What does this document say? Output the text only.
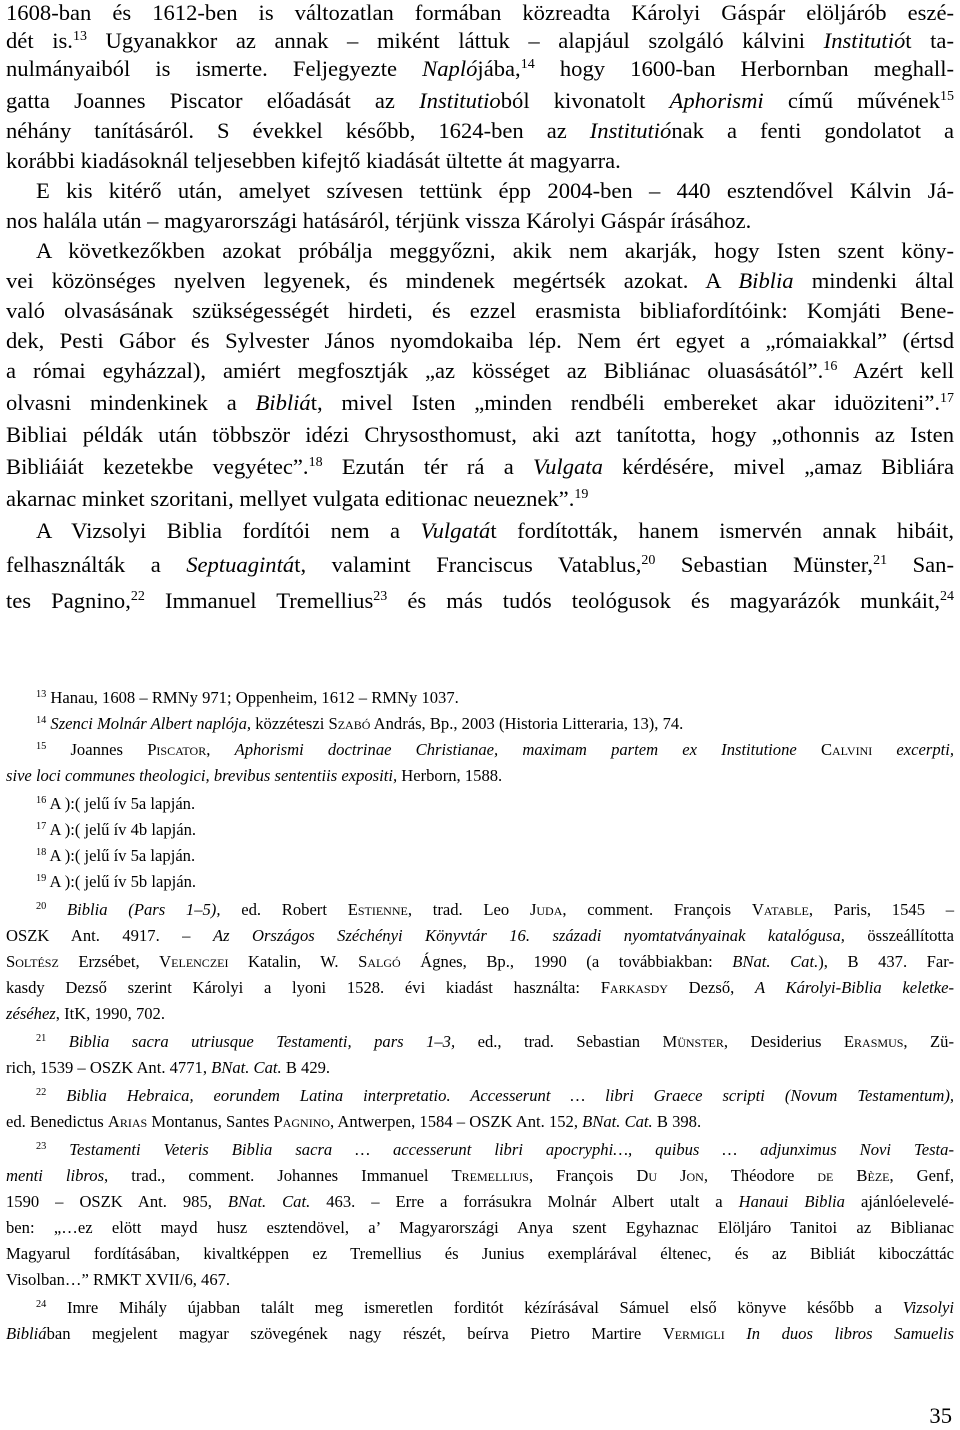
1608-ban és 1612-ben is változatlan formában közreadta Károlyi Gáspár elöljárób eszé-
dét is.$^{13}$ Ugyanakkor az annak – miként láttuk – alapjául szolgáló kálvini Institutiót ta-
nulmányaiból is ismerte. Feljegyezte Naplójába,$^{14}$ hogy 1600-ban Herbornban meghall-
gatta Joannes Piscator előadását az Institutioból kivonatolt Aphorismi című művének$^{15}$
néhány tanításáról. S évekkel később, 1624-ben az Institutiónak a fenti gondolatot a
korábbi kiadásoknál teljesebben kifejtő kiadását ültette át magyarra.
E kis kitérő után, amelyet szívesen tettünk épp 2004-ben – 440 esztendővel Kálvin Já-
nos halála után – magyarországi hatásáról, térjünk vissza Károlyi Gáspár írásához.
A következőkben azokat próbálja meggyőzni, akik nem akarják, hogy Isten szent köny-
vei közönséges nyelven legyenek, és mindenek megértsék azokat. A Biblia mindenki által
való olvasásának szükségességét hirdeti, és ezzel erasmista bibliafordítóink: Komjáti Bene-
dek, Pesti Gábor és Sylvester János nyomdokaiba lép. Nem ért egyet a „rómaiakkal” (értsd
a római egyházzal), amiért megfosztják „az kösséget az Bibliánac oluasásától”.$^{16}$ Azért kell
olvasni mindenkinek a Bibliát, mivel Isten „minden rendbéli embereket akar iduöziteni”.$^{17}$
Bibliai példák után többször idézi Chrysosthomust, aki azt tanította, hogy „othonnis az Isten
Bibliáiát kezetekbe vegyétec”.$^{18}$ Ezután tér rá a Vulgata kérdésére, mivel „amaz Bibliára
akarnac minket szoritani, mellyet vulgata editionac neueznek”.$^{19}$
A Vizsolyi Biblia fordítói nem a Vulgatát fordították, hanem ismervén annak hibáit,
felhasználták a Septuagintát, valamint Franciscus Vatablus,$^{20}$ Sebastian Münster,$^{21}$ San-
tes Pagnino,$^{22}$ Immanuel Tremellius$^{23}$ és más tudós teológusok és magyarázók munkáit,$^{24}$
$^{13}$ Hanau, 1608 – RMNy 971; Oppenheim, 1612 – RMNy 1037.
$^{14}$ Szenci Molnár Albert naplója, közzéteszi Szabó András, Bp., 2003 (Historia Litteraria, 13), 74.
$^{15}$ Joannes Piscator, Aphorismi doctrinae Christianae, maximam partem ex Institutione Calvini excerpti,
sive loci communes theologici, brevibus sententiis expositi, Herborn, 1588.
$^{16}$ A ):( jelű ív 5a lapján.
$^{17}$ A ):( jelű ív 4b lapján.
$^{18}$ A ):( jelű ív 5a lapján.
$^{19}$ A ):( jelű ív 5b lapján.
$^{20}$ Biblia (Pars 1–5), ed. Robert Estienne, trad. Leo Juda, comment. François Vatable, Paris, 1545 –
OSZK Ant. 4917. – Az Országos Széchényi Könyvtár 16. századi nyomtatványainak katalógusa, összeállította
Soltész Erzsébet, Velenczei Katalin, W. Salgó Ágnes, Bp., 1990 (a továbbiakban: BNat. Cat.), B 437. Far-
kasdy Dezső szerint Károlyi a lyoni 1528. évi kiadást használta: Farkasdy Dezső, A Károlyi-Biblia keletke-
zéséhez, ItK, 1990, 702.
$^{21}$ Biblia sacra utriusque Testamenti, pars 1–3, ed., trad. Sebastian Münster, Desiderius Erasmus, Zü-
rich, 1539 – OSZK Ant. 4771, BNat. Cat. B 429.
$^{22}$ Biblia Hebraica, eorundem Latina interpretatio. Accesserunt … libri Graece scripti (Novum Testamentum),
ed. Benedictus Arias Montanus, Santes Pagnino, Antwerpen, 1584 – OSZK Ant. 152, BNat. Cat. B 398.
$^{23}$ Testamenti Veteris Biblia sacra … accesserunt libri apocryphi…, quibus … adjunximus Novi Testa-
menti libros, trad., comment. Johannes Immanuel Tremellius, François Du Jon, Théodore de Bèze, Genf,
1590 – OSZK Ant. 985, BNat. Cat. 463. – Erre a forrásukra Molnár Albert utalt a Hanaui Biblia ajánlóelevelé-
ben: „…ez elött mayd husz esztendövel, a’ Magyarországi Anya szent Egyhaznac Elöljáro Tanitoi az Biblianac
Magyarul fordításában, kivaltképpen ez Tremellius és Junius exemplárával éltenec, és az Bibliát kiboczáttác
Visolban…” RMKT XVII/6, 467.
$^{24}$ Imre Mihály újabban talált meg ismeretlen forditót kézírásával Sámuel első könyve később a Vizsolyi
Bibliában megjelent magyar szövegének nagy részét, beírva Pietro Martire Vermigli In duos libros Samuelis
35
